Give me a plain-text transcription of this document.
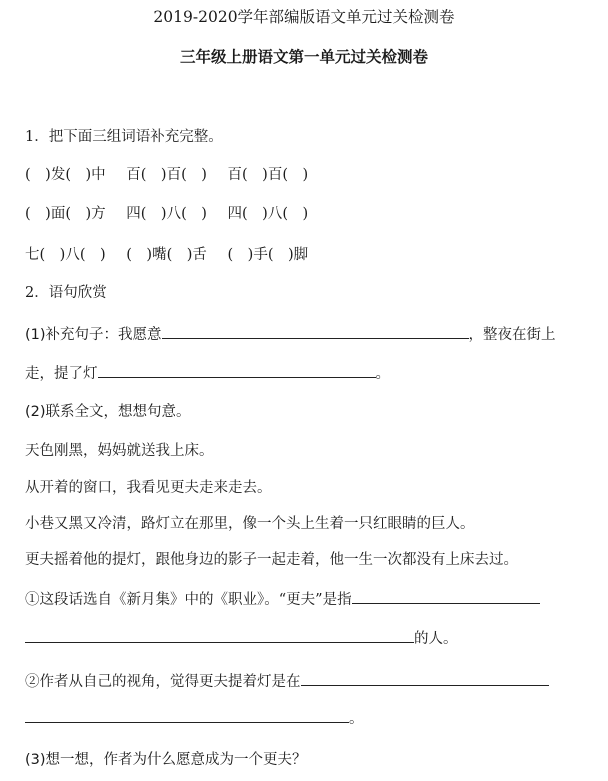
2019-2020学年部编版语文单元过关检测卷
三年级上册语文第一单元过关检测卷
1．把下面三组词语补充完整。
(　)发(　)中 百(　)百(　) 百(　)百(　)
(　)面(　)方 四(　)八(　) 四(　)八(　)
七(　)八(　) (　)嘴(　)舌 (　)手(　)脚
2．语句欣赏
(1)补充句子：我愿意	，整夜在街上
走，提了灯	。
(2)联系全文，想想句意。
天色刚黑，妈妈就送我上床。
从开着的窗口，我看见更夫走来走去。
小巷又黑又冷清，路灯立在那里，像一个头上生着一只红眼睛的巨人。
更夫摇着他的提灯，跟他身边的影子一起走着，他一生一次都没有上床去过。
①这段话选自《新月集》中的《职业》。“更夫”是指
的人。
②作者从自己的视角，觉得更夫提着灯是在
。
(3)想一想，作者为什么愿意成为一个更夫？
